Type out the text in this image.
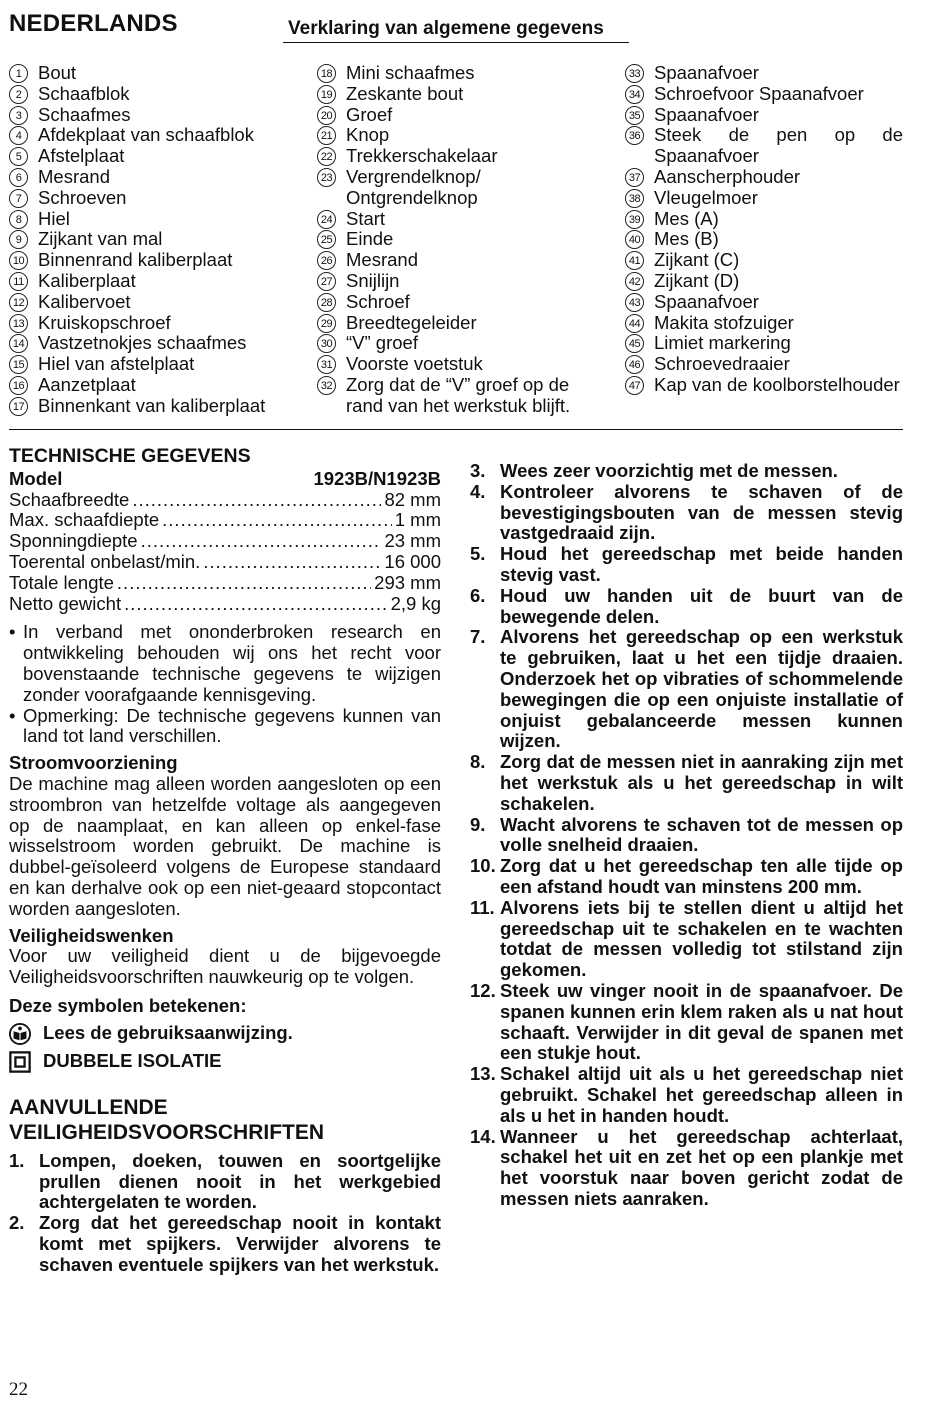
NEDERLANDS	Verklaring van algemene gegevens
1 Bout
2 Schaafblok
3 Schaafmes
4 Afdekplaat van schaafblok
5 Afstelplaat
6 Mesrand
7 Schroeven
8 Hiel
9 Zijkant van mal
10 Binnenrand kaliberplaat
11 Kaliberplaat
12 Kalibervoet
13 Kruiskopschroef
14 Vastzetnokjes schaafmes
15 Hiel van afstelplaat
16 Aanzetplaat
17 Binnenkant van kaliberplaat
18 Mini schaafmes
19 Zeskante bout
20 Groef
21 Knop
22 Trekkerschakelaar
23 Vergrendelknop/ Ontgrendelknop
24 Start
25 Einde
26 Mesrand
27 Snijlijn
28 Schroef
29 Breedtegeleider
30 “V” groef
31 Voorste voetstuk
32 Zorg dat de “V” groef op de rand van het werkstuk blijft.
33 Spaanafvoer
34 Schroefvoor Spaanafvoer
35 Spaanafvoer
36 Steek de pen op de Spaanafvoer
37 Aanscherphouder
38 Vleugelmoer
39 Mes (A)
40 Mes (B)
41 Zijkant (C)
42 Zijkant (D)
43 Spaanafvoer
44 Makita stofzuiger
45 Limiet markering
46 Schroevedraaier
47 Kap van de koolborstelhouder
TECHNISCHE GEGEVENS
Model	1923B/N1923B
Schaafbreedte .....	82 mm
Max. schaafdiepte .....	1 mm
Sponningdiepte .....	23 mm
Toerental onbelast/min. .....	16 000
Totale lengte .....	293 mm
Netto gewicht .....	2,9 kg
• In verband met ononderbroken research en ontwikkeling behouden wij ons het recht voor bovenstaande technische gegevens te wijzigen zonder voorafgaande kennisgeving.
• Opmerking: De technische gegevens kunnen van land tot land verschillen.
Stroomvoorziening
De machine mag alleen worden aangesloten op een stroombron van hetzelfde voltage als aangegeven op de naamplaat, en kan alleen op enkel-fase wisselstroom worden gebruikt. De machine is dubbel-geïsoleerd volgens de Europese standaard en kan derhalve ook op een niet-geaard stopcontact worden aangesloten.
Veiligheidswenken
Voor uw veiligheid dient u de bijgevoegde Veiligheidsvoorschriften nauwkeurig op te volgen.
Deze symbolen betekenen:
Lees de gebruiksaanwijzing.
DUBBELE ISOLATIE
AANVULLENDE
VEILIGHEIDSVOORSCHRIFTEN
1. Lompen, doeken, touwen en soortgelijke prullen dienen nooit in het werkgebied achtergelaten te worden.
2. Zorg dat het gereedschap nooit in kontakt komt met spijkers. Verwijder alvorens te schaven eventuele spijkers van het werkstuk.
3. Wees zeer voorzichtig met de messen.
4. Kontroleer alvorens te schaven of de bevestigingsbouten van de messen stevig vastgedraaid zijn.
5. Houd het gereedschap met beide handen stevig vast.
6. Houd uw handen uit de buurt van de bewegende delen.
7. Alvorens het gereedschap op een werkstuk te gebruiken, laat u het een tijdje draaien. Onderzoek het op vibraties of schommelende bewegingen die op een onjuiste installatie of onjuist gebalanceerde messen kunnen wijzen.
8. Zorg dat de messen niet in aanraking zijn met het werkstuk als u het gereedschap in wilt schakelen.
9. Wacht alvorens te schaven tot de messen op volle snelheid draaien.
10. Zorg dat u het gereedschap ten alle tijde op een afstand houdt van minstens 200 mm.
11. Alvorens iets bij te stellen dient u altijd het gereedschap uit te schakelen en te wachten totdat de messen volledig tot stilstand zijn gekomen.
12. Steek uw vinger nooit in de spaanafvoer. De spanen kunnen erin klem raken als u nat hout schaaft. Verwijder in dit geval de spanen met een stukje hout.
13. Schakel altijd uit als u het gereedschap niet gebruikt. Schakel het gereedschap alleen in als u het in handen houdt.
14. Wanneer u het gereedschap achterlaat, schakel het uit en zet het op een plankje met het voorstuk naar boven gericht zodat de messen niets aanraken.
22
